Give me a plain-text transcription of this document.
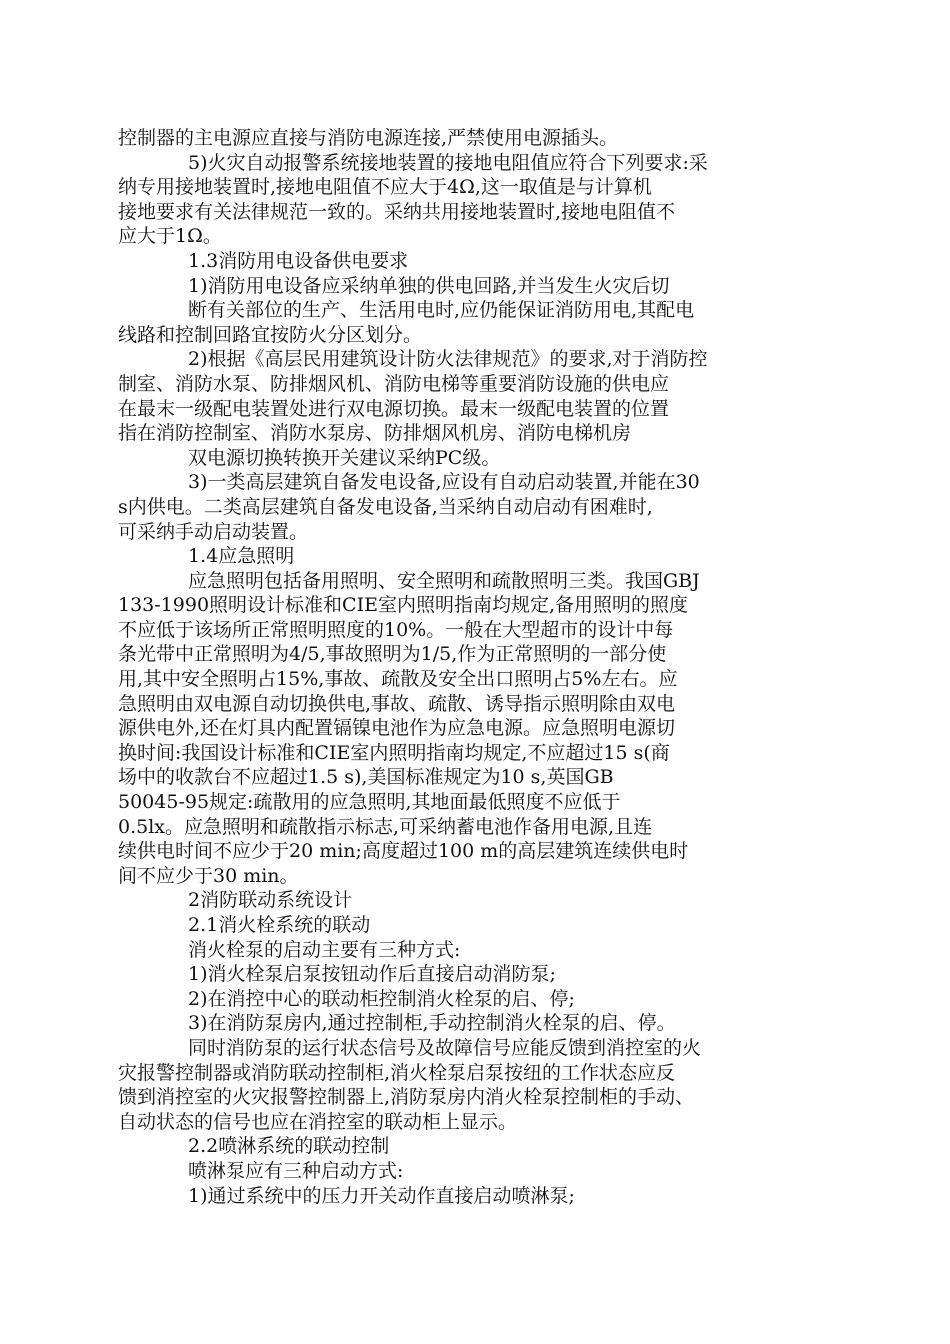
控制器的主电源应直接与消防电源连接,严禁使用电源插头。
5)火灾自动报警系统接地装置的接地电阻值应符合下列要求:采
纳专用接地装置时,接地电阻值不应大于4Ω,这一取值是与计算机
接地要求有关法律规范一致的。采纳共用接地装置时,接地电阻值不
应大于1Ω。
1.3消防用电设备供电要求
1)消防用电设备应采纳单独的供电回路,并当发生火灾后切
断有关部位的生产、生活用电时,应仍能保证消防用电,其配电
线路和控制回路宜按防火分区划分。
2)根据《高层民用建筑设计防火法律规范》的要求,对于消防控
制室、消防水泵、防排烟风机、消防电梯等重要消防设施的供电应
在最末一级配电装置处进行双电源切换。最末一级配电装置的位置
指在消防控制室、消防水泵房、防排烟风机房、消防电梯机房
双电源切换转换开关建议采纳PC级。
3)一类高层建筑自备发电设备,应设有自动启动装置,并能在30
s内供电。二类高层建筑自备发电设备,当采纳自动启动有困难时,
可采纳手动启动装置。
1.4应急照明
应急照明包括备用照明、安全照明和疏散照明三类。我国GBJ
133-1990照明设计标准和CIE室内照明指南均规定,备用照明的照度
不应低于该场所正常照明照度的10%。一般在大型超市的设计中每
条光带中正常照明为4/5,事故照明为1/5,作为正常照明的一部分使
用,其中安全照明占15%,事故、疏散及安全出口照明占5%左右。应
急照明由双电源自动切换供电,事故、疏散、诱导指示照明除由双电
源供电外,还在灯具内配置镉镍电池作为应急电源。应急照明电源切
换时间:我国设计标准和CIE室内照明指南均规定,不应超过15 s(商
场中的收款台不应超过1.5 s),美国标准规定为10 s,英国GB
50045-95规定:疏散用的应急照明,其地面最低照度不应低于
0.5lx。应急照明和疏散指示标志,可采纳蓄电池作备用电源,且连
续供电时间不应少于20 min;高度超过100 m的高层建筑连续供电时
间不应少于30 min。
2消防联动系统设计
2.1消火栓系统的联动
消火栓泵的启动主要有三种方式:
1)消火栓泵启泵按钮动作后直接启动消防泵;
2)在消控中心的联动柜控制消火栓泵的启、停;
3)在消防泵房内,通过控制柜,手动控制消火栓泵的启、停。
同时消防泵的运行状态信号及故障信号应能反馈到消控室的火
灾报警控制器或消防联动控制柜,消火栓泵启泵按纽的工作状态应反
馈到消控室的火灾报警控制器上,消防泵房内消火栓泵控制柜的手动、
自动状态的信号也应在消控室的联动柜上显示。
2.2喷淋系统的联动控制
喷淋泵应有三种启动方式:
1)通过系统中的压力开关动作直接启动喷淋泵;
